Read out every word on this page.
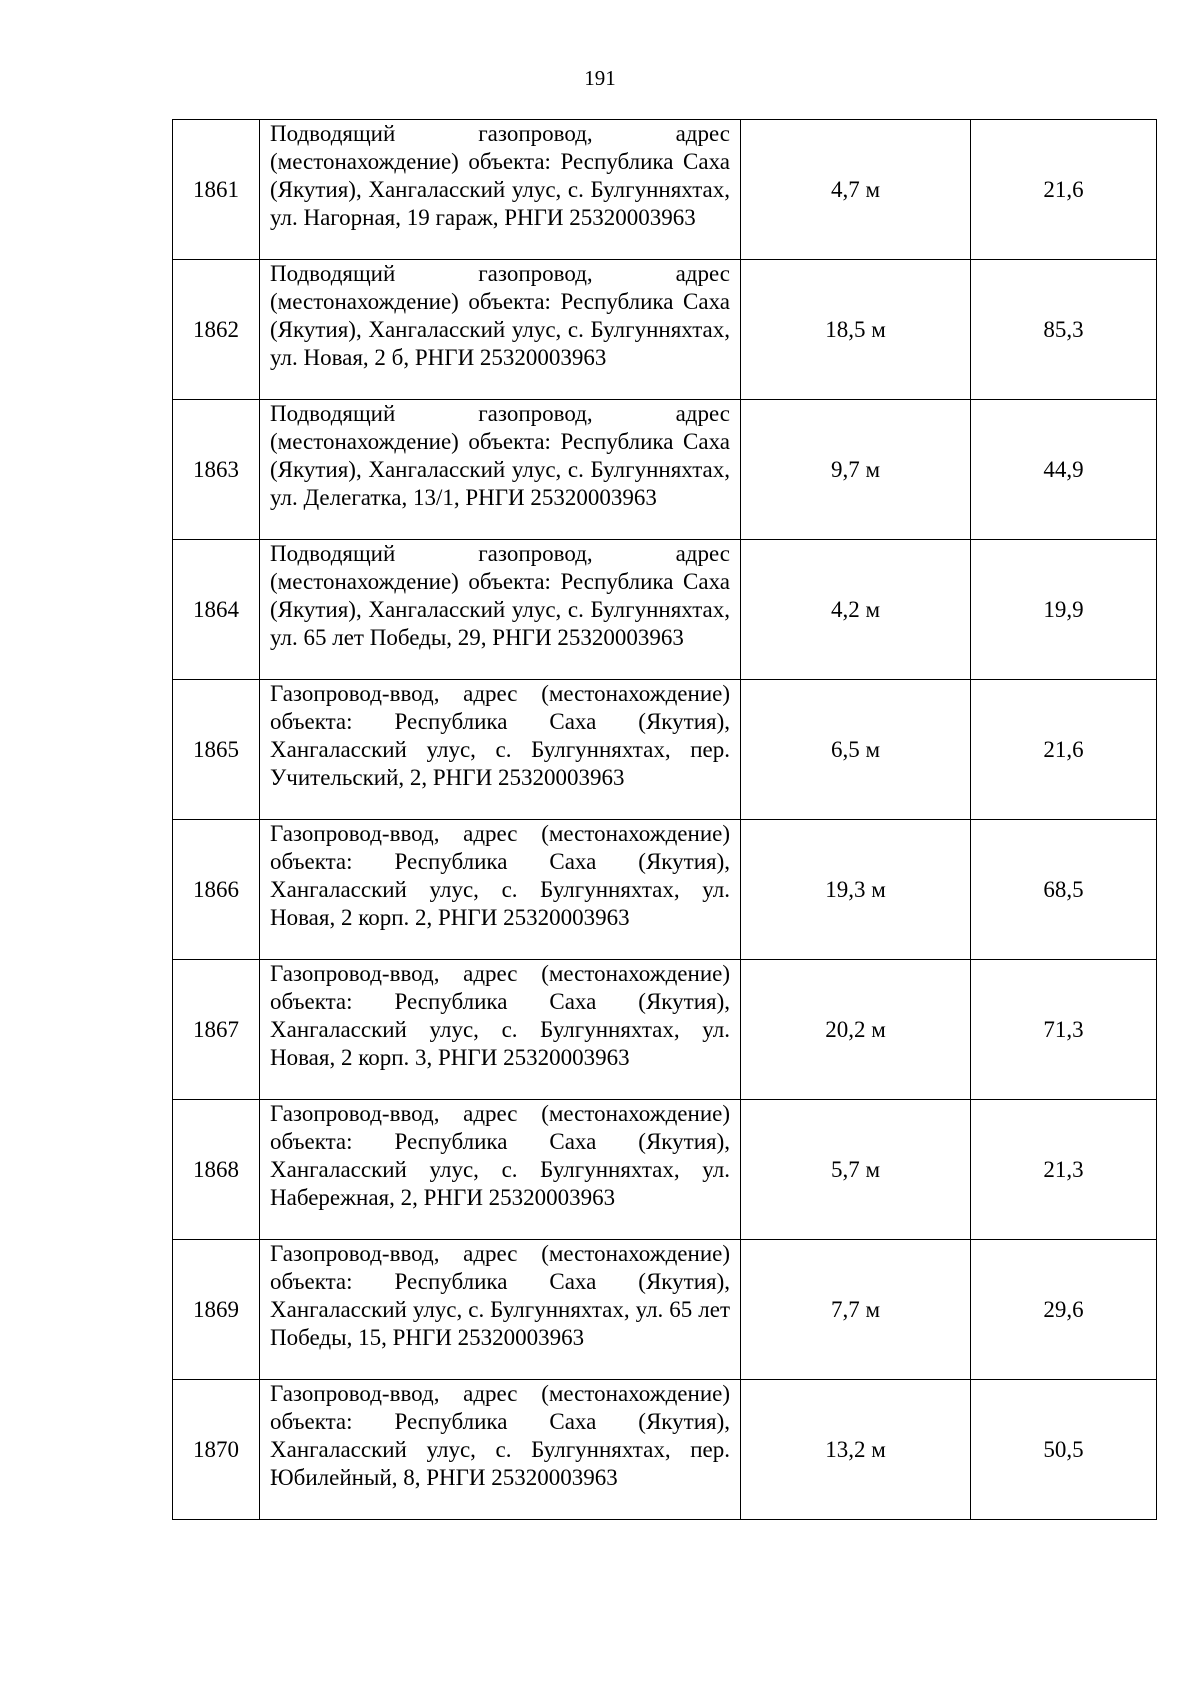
191
1861	Подводящий газопровод, адрес (местонахождение) объекта: Республика Саха (Якутия), Хангаласский улус, с. Булгунняхтах, ул. Нагорная, 19 гараж, РНГИ 25320003963	4,7 м	21,6
1862	Подводящий газопровод, адрес (местонахождение) объекта: Республика Саха (Якутия), Хангаласский улус, с. Булгунняхтах, ул. Новая, 2 б, РНГИ 25320003963	18,5 м	85,3
1863	Подводящий газопровод, адрес (местонахождение) объекта: Республика Саха (Якутия), Хангаласский улус, с. Булгунняхтах, ул. Делегатка, 13/1, РНГИ 25320003963	9,7 м	44,9
1864	Подводящий газопровод, адрес (местонахождение) объекта: Республика Саха (Якутия), Хангаласский улус, с. Булгунняхтах, ул. 65 лет Победы, 29, РНГИ 25320003963	4,2 м	19,9
1865	Газопровод-ввод, адрес (местонахождение) объекта: Республика Саха (Якутия), Хангаласский улус, с. Булгунняхтах, пер. Учительский, 2, РНГИ 25320003963	6,5 м	21,6
1866	Газопровод-ввод, адрес (местонахождение) объекта: Республика Саха (Якутия), Хангаласский улус, с. Булгунняхтах, ул. Новая, 2 корп. 2, РНГИ 25320003963	19,3 м	68,5
1867	Газопровод-ввод, адрес (местонахождение) объекта: Республика Саха (Якутия), Хангаласский улус, с. Булгунняхтах, ул. Новая, 2 корп. 3, РНГИ 25320003963	20,2 м	71,3
1868	Газопровод-ввод, адрес (местонахождение) объекта: Республика Саха (Якутия), Хангаласский улус, с. Булгунняхтах, ул. Набережная, 2, РНГИ 25320003963	5,7 м	21,3
1869	Газопровод-ввод, адрес (местонахождение) объекта: Республика Саха (Якутия), Хангаласский улус, с. Булгунняхтах, ул. 65 лет Победы, 15, РНГИ 25320003963	7,7 м	29,6
1870	Газопровод-ввод, адрес (местонахождение) объекта: Республика Саха (Якутия), Хангаласский улус, с. Булгунняхтах, пер. Юбилейный, 8, РНГИ 25320003963	13,2 м	50,5
